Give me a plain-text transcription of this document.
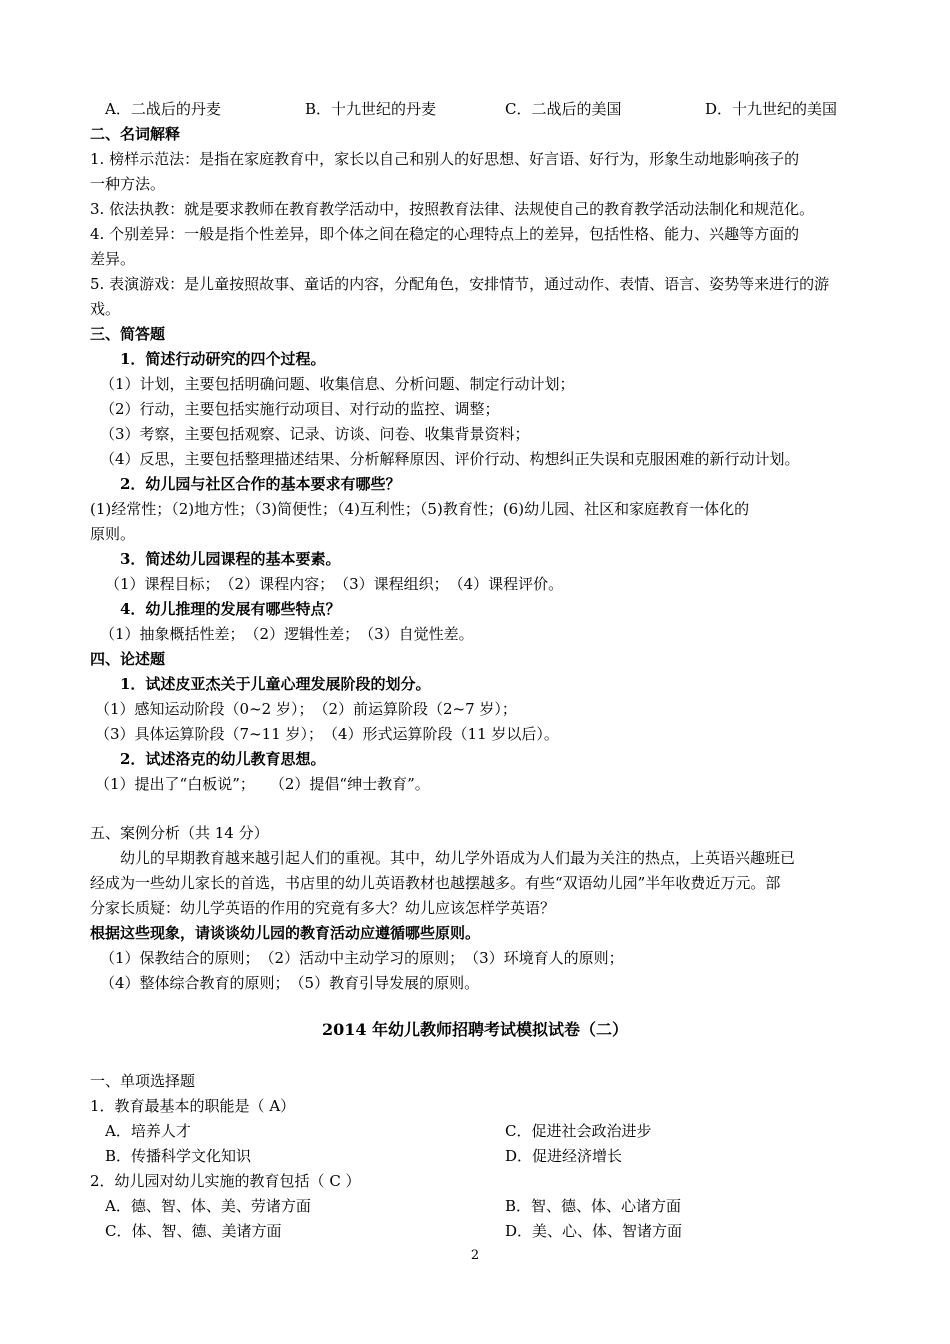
A．二战后的丹麦	B．十九世纪的丹麦	C．二战后的美国	D．十九世纪的美国
二、名词解释
1. 榜样示范法：是指在家庭教育中，家长以自己和别人的好思想、好言语、好行为，形象生动地影响孩子的
一种方法。
3. 依法执教：就是要求教师在教育教学活动中，按照教育法律、法规使自己的教育教学活动法制化和规范化。
4. 个别差异：一般是指个性差异，即个体之间在稳定的心理特点上的差异，包括性格、能力、兴趣等方面的
差异。
5. 表演游戏：是儿童按照故事、童话的内容，分配角色，安排情节，通过动作、表情、语言、姿势等来进行的游
戏。
三、简答题
1．简述行动研究的四个过程。
（1）计划，主要包括明确问题、收集信息、分析问题、制定行动计划；
（2）行动，主要包括实施行动项目、对行动的监控、调整；
（3）考察，主要包括观察、记录、访谈、问卷、收集背景资料；
（4）反思，主要包括整理描述结果、分析解释原因、评价行动、构想纠正失误和克服困难的新行动计划。
2．幼儿园与社区合作的基本要求有哪些？
(1)经常性；（2)地方性；（3)简便性；（4)互利性；（5)教育性；(6)幼儿园、社区和家庭教育一体化的
原则。
3．简述幼儿园课程的基本要素。
（1）课程目标；　（2）课程内容；　（3）课程组织；　（4）课程评价。
4．幼儿推理的发展有哪些特点？
（1）抽象概括性差；　（2）逻辑性差；　（3）自觉性差。
四、论述题
1．试述皮亚杰关于儿童心理发展阶段的划分。
（1）感知运动阶段（0~2 岁）；　（2）前运算阶段（2~7 岁）；
（3）具体运算阶段（7~11 岁）；　（4）形式运算阶段（11 岁以后）。
2．试述洛克的幼儿教育思想。
（1）提出了“白板说”；　　（2）提倡“绅士教育”。
五、案例分析（共 14 分）
幼儿的早期教育越来越引起人们的重视。其中，幼儿学外语成为人们最为关注的热点，上英语兴趣班已
经成为一些幼儿家长的首选，书店里的幼儿英语教材也越摆越多。有些“双语幼儿园”半年收费近万元。部
分家长质疑：幼儿学英语的作用的究竟有多大？幼儿应该怎样学英语？
根据这些现象，请谈谈幼儿园的教育活动应遵循哪些原则。
（1）保教结合的原则；　（2）活动中主动学习的原则；　（3）环境育人的原则；
（4）整体综合教育的原则；　（5）教育引导发展的原则。
2014 年幼儿教师招聘考试模拟试卷（二）
一、单项选择题
1．教育最基本的职能是（ A）
A．培养人才	C．促进社会政治进步
B．传播科学文化知识	D．促进经济增长
2．幼儿园对幼儿实施的教育包括（ C ）
A．德、智、体、美、劳诸方面	B．智、德、体、心诸方面
C．体、智、德、美诸方面	D．美、心、体、智诸方面
2
